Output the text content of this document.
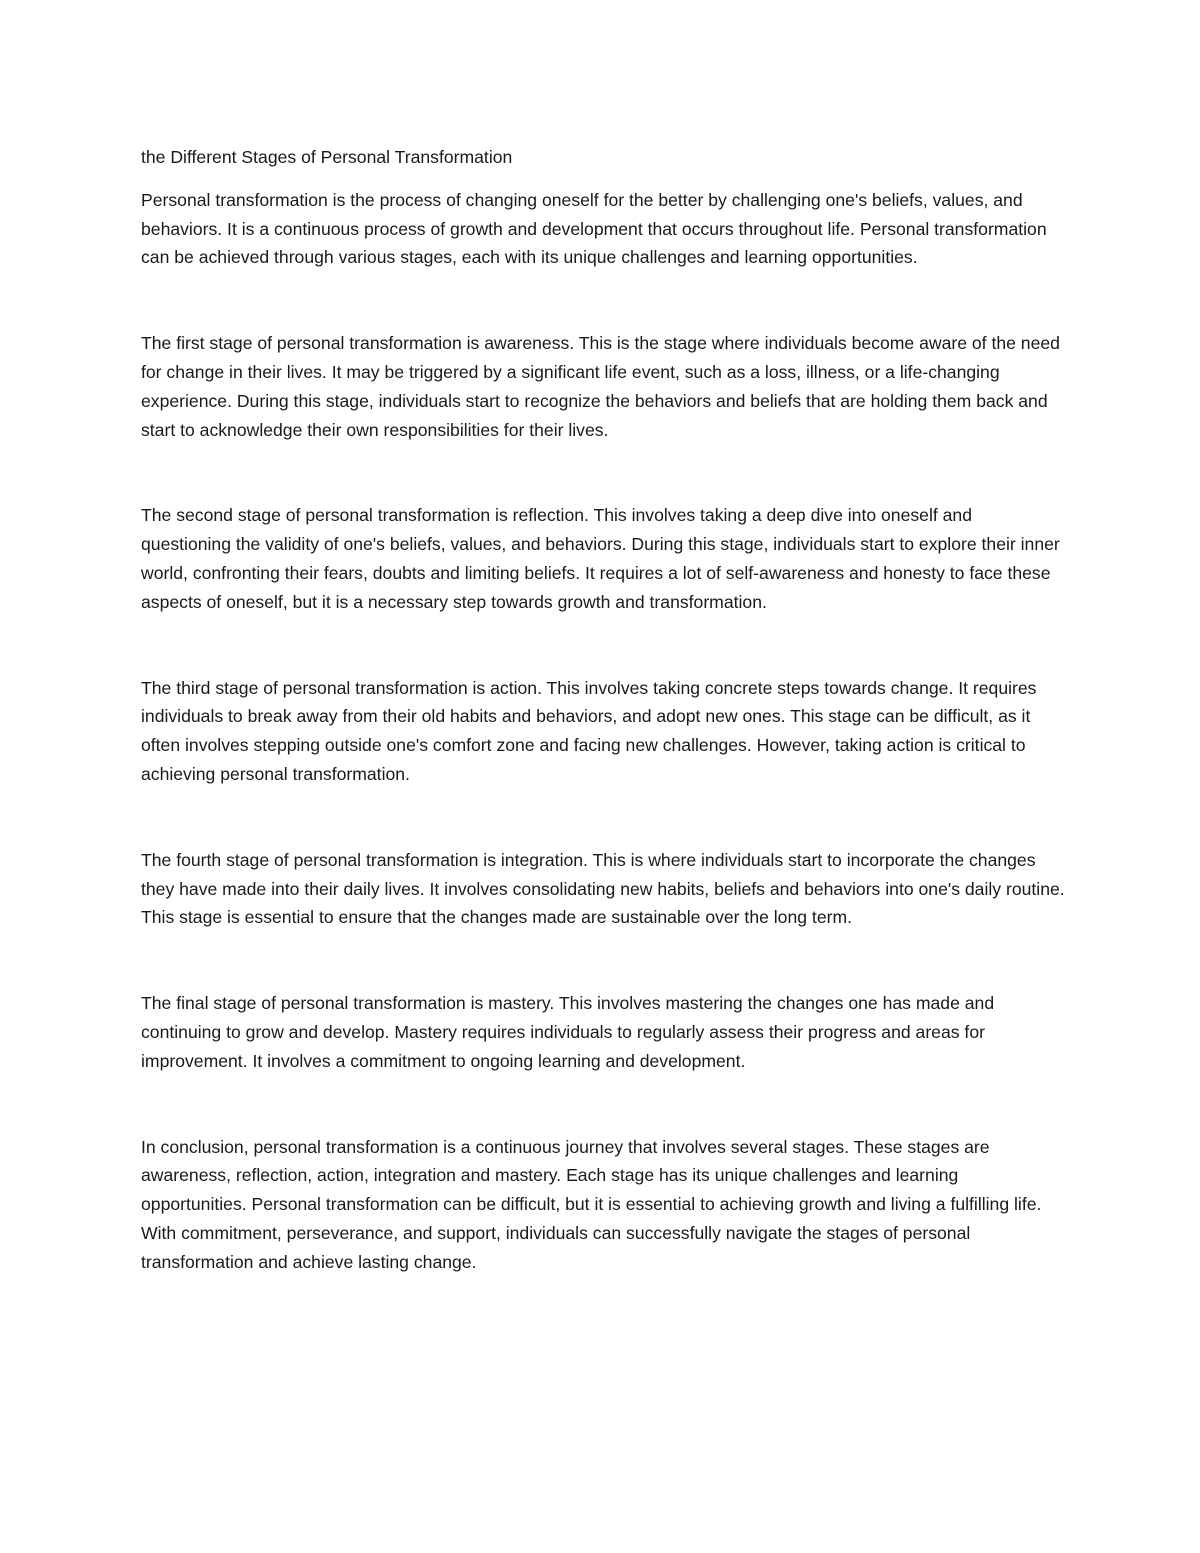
the Different Stages of Personal Transformation

Personal transformation is the process of changing oneself for the better by challenging one's beliefs, values, and behaviors. It is a continuous process of growth and development that occurs throughout life. Personal transformation can be achieved through various stages, each with its unique challenges and learning opportunities.

The first stage of personal transformation is awareness. This is the stage where individuals become aware of the need for change in their lives. It may be triggered by a significant life event, such as a loss, illness, or a life-changing experience. During this stage, individuals start to recognize the behaviors and beliefs that are holding them back and start to acknowledge their own responsibilities for their lives.

The second stage of personal transformation is reflection. This involves taking a deep dive into oneself and questioning the validity of one's beliefs, values, and behaviors. During this stage, individuals start to explore their inner world, confronting their fears, doubts and limiting beliefs. It requires a lot of self-awareness and honesty to face these aspects of oneself, but it is a necessary step towards growth and transformation.

The third stage of personal transformation is action. This involves taking concrete steps towards change. It requires individuals to break away from their old habits and behaviors, and adopt new ones. This stage can be difficult, as it often involves stepping outside one's comfort zone and facing new challenges. However, taking action is critical to achieving personal transformation.

The fourth stage of personal transformation is integration. This is where individuals start to incorporate the changes they have made into their daily lives. It involves consolidating new habits, beliefs and behaviors into one's daily routine. This stage is essential to ensure that the changes made are sustainable over the long term.

The final stage of personal transformation is mastery. This involves mastering the changes one has made and continuing to grow and develop. Mastery requires individuals to regularly assess their progress and areas for improvement. It involves a commitment to ongoing learning and development.

In conclusion, personal transformation is a continuous journey that involves several stages. These stages are awareness, reflection, action, integration and mastery. Each stage has its unique challenges and learning opportunities. Personal transformation can be difficult, but it is essential to achieving growth and living a fulfilling life. With commitment, perseverance, and support, individuals can successfully navigate the stages of personal transformation and achieve lasting change.
